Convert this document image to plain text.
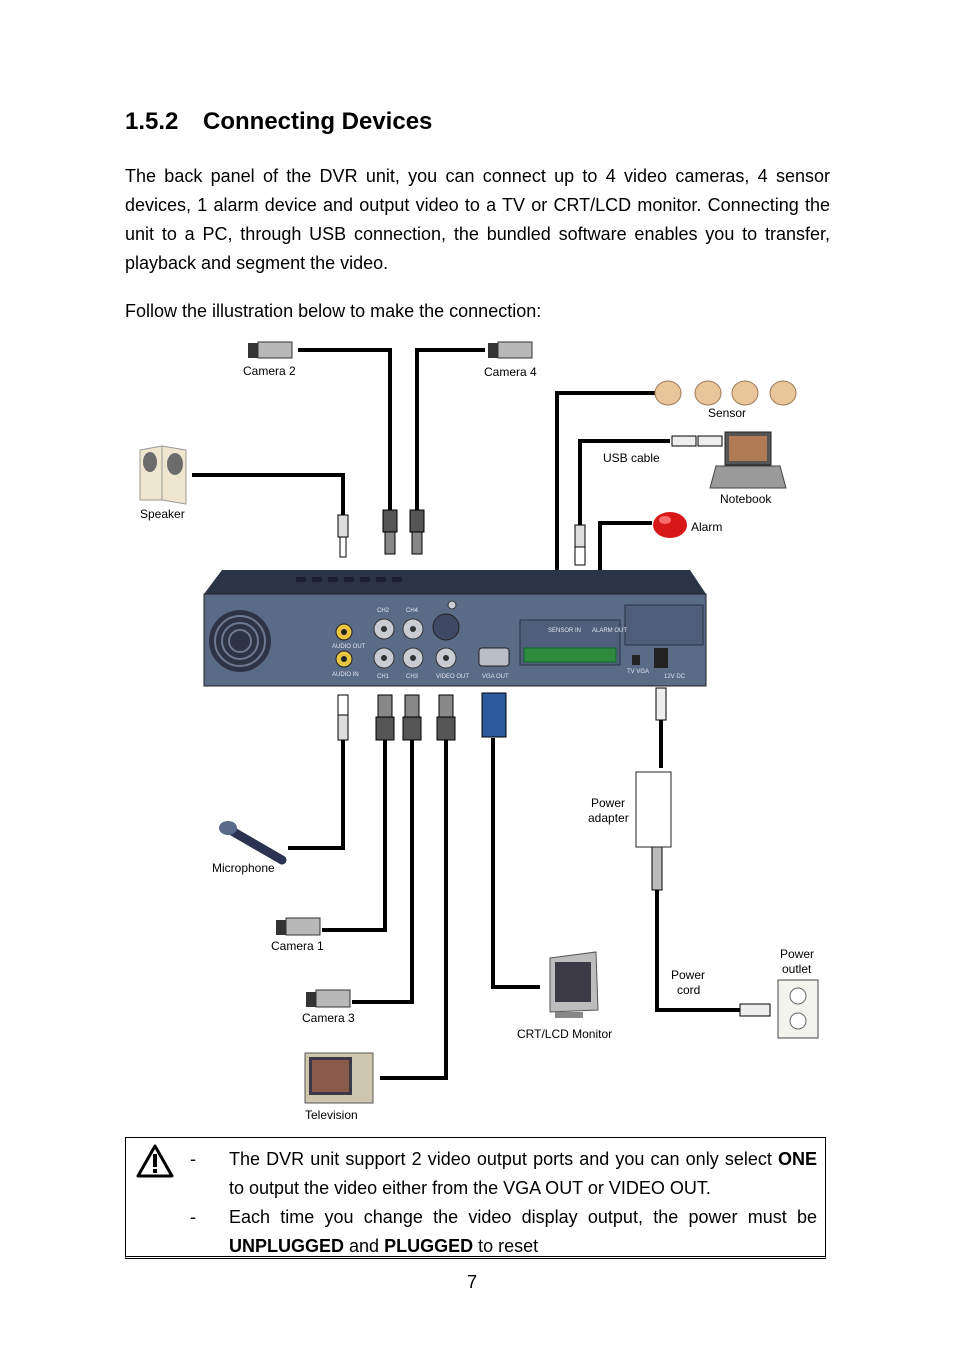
1.5.2 Connecting Devices

The back panel of the DVR unit, you can connect up to 4 video cameras, 4 sensor devices, 1 alarm device and output video to a TV or CRT/LCD monitor. Connecting the unit to a PC, through USB connection, the bundled software enables you to transfer, playback and segment the video.

Follow the illustration below to make the connection:

CH2	CH4
CH1	CH3
AUDIO OUT
AUDIO IN	VIDEO OUT VGA OUT
SENSOR IN ALARM OUT
TV VGA
12V DC
Camera 2	Camera 4
Sensor
USB cable
Notebook
Speaker
Alarm
Power
adapter
Microphone
Camera 1
Camera 3
Television
CRT/LCD Monitor
Power
cord
Power
outlet
- The DVR unit support 2 video output ports and you can only select ONE to output the video either from the VGA OUT or VIDEO OUT.
- Each time you change the video display output, the power must be UNPLUGGED and PLUGGED to reset
7
